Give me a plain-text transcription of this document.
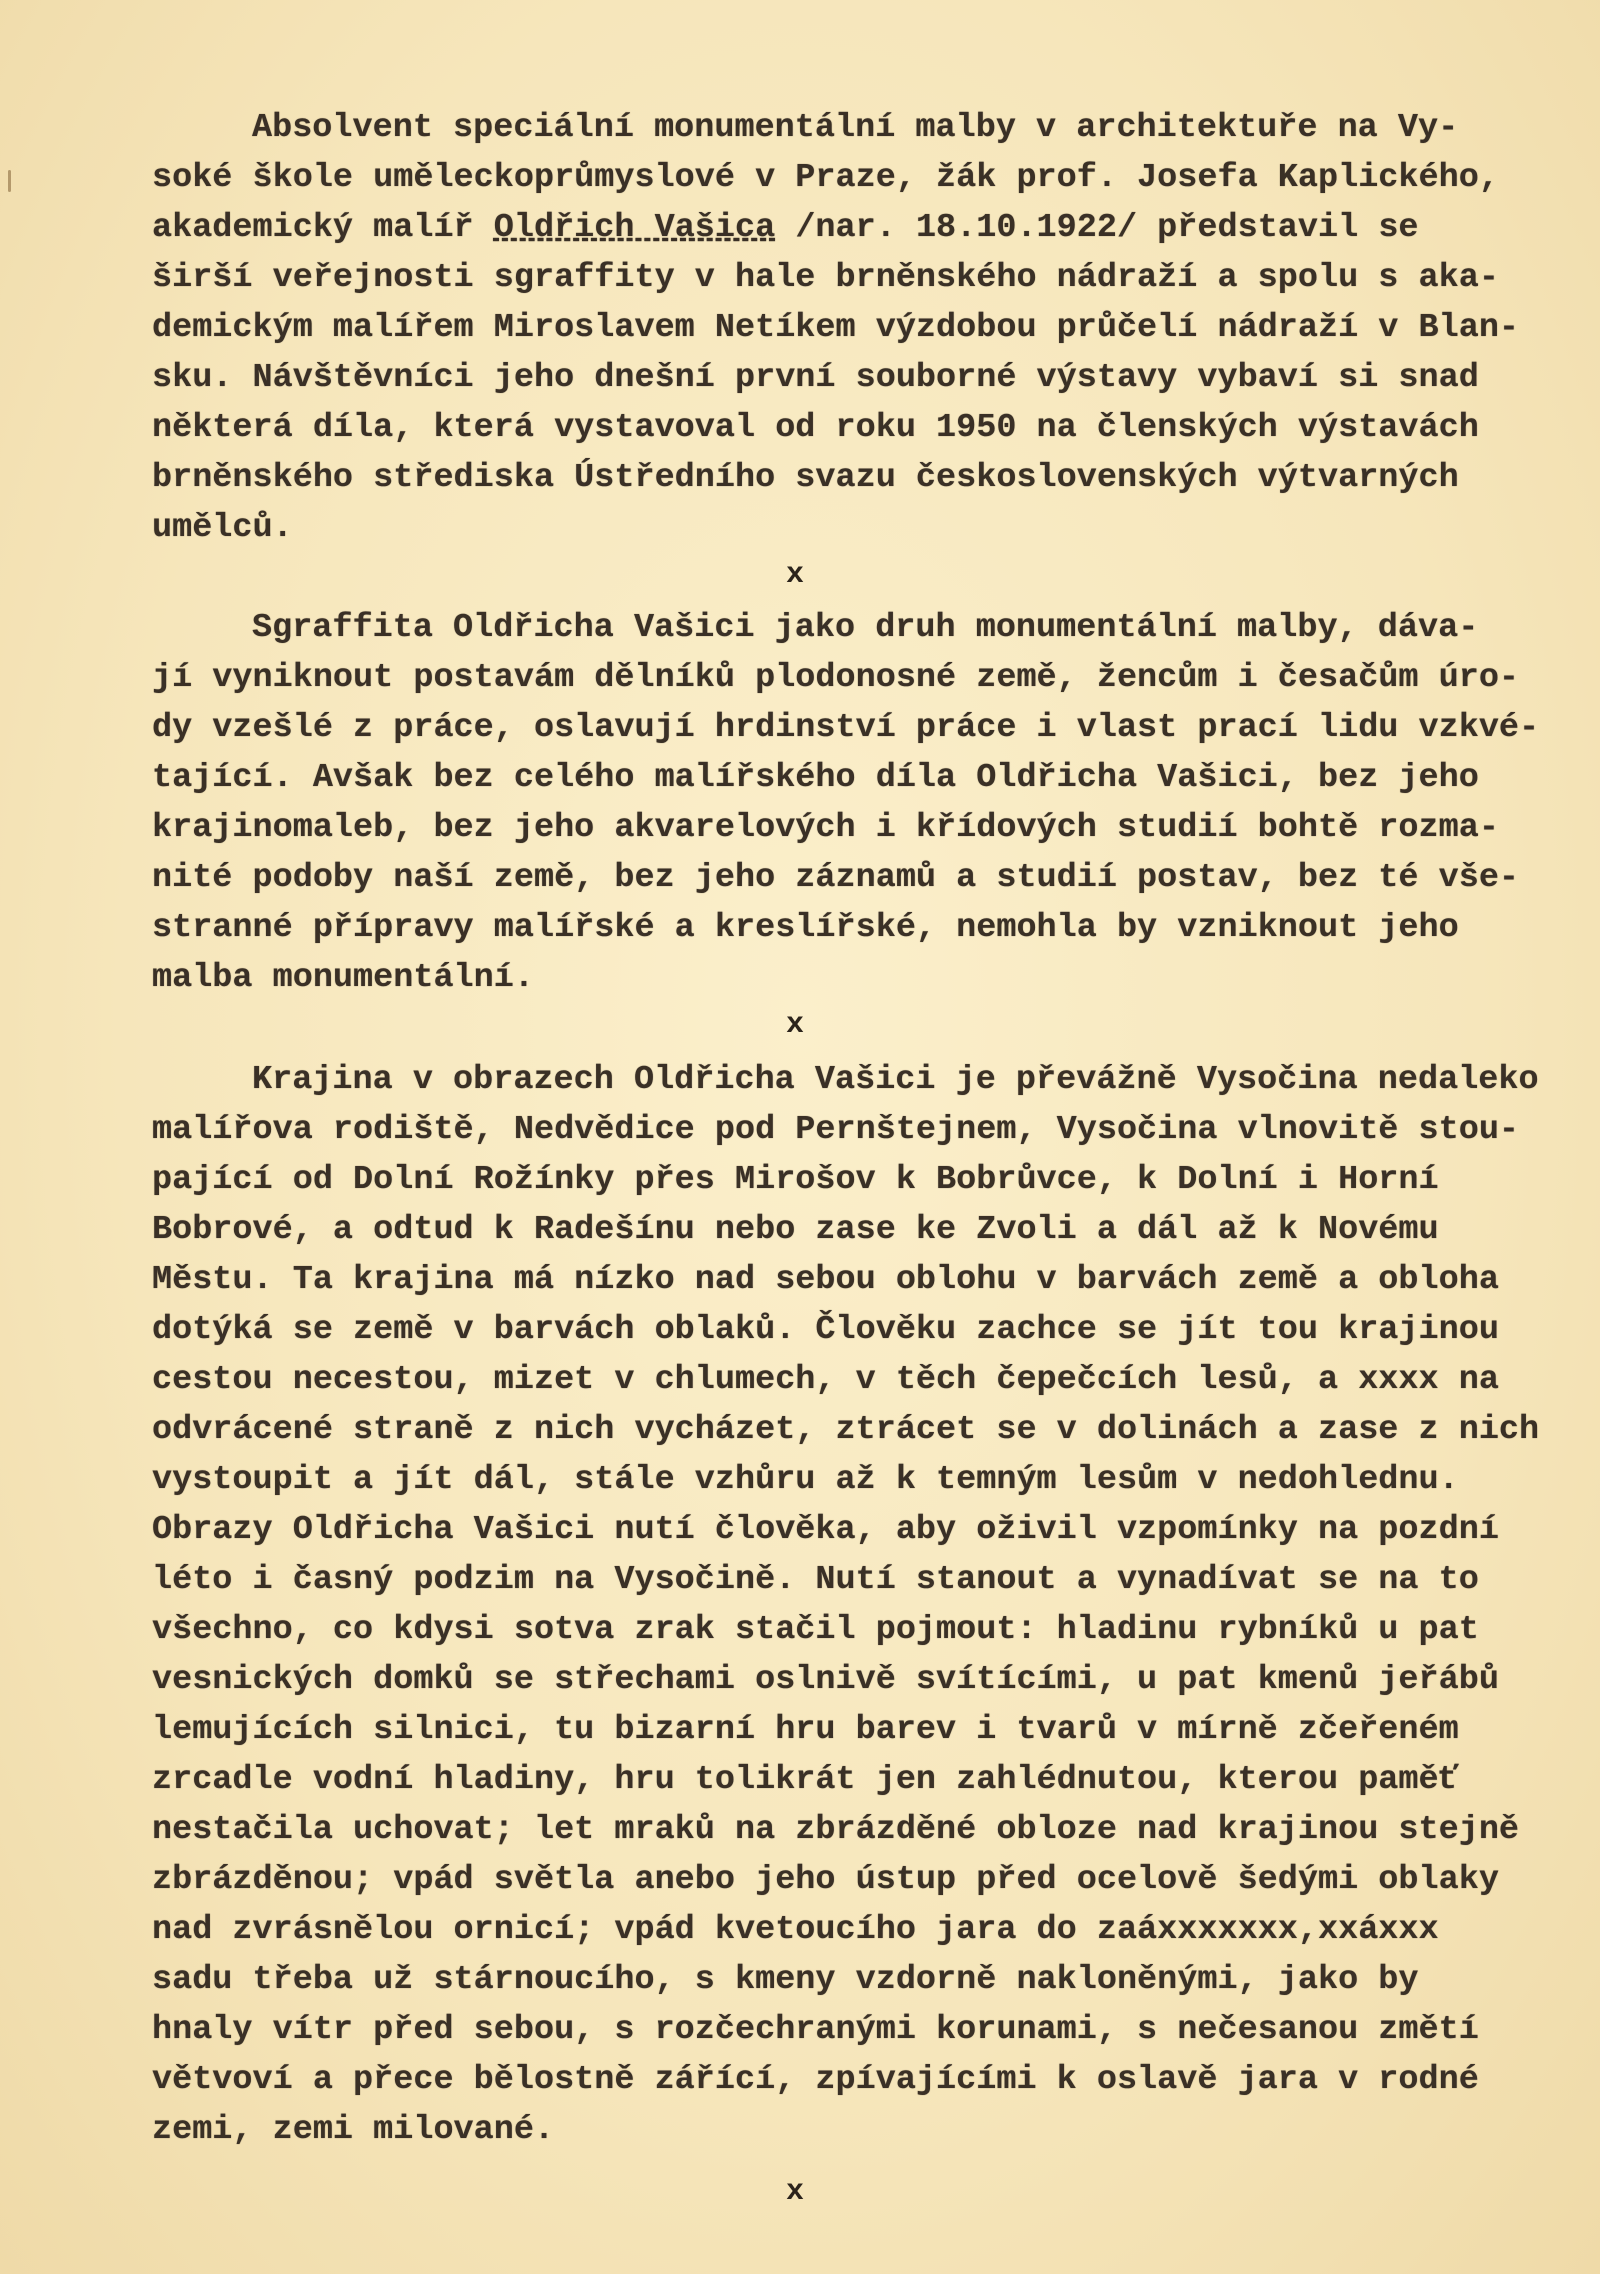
Absolvent speciální monumentální malby v architektuře na Vy-
soké škole uměleckoprůmyslové v Praze, žák prof. Josefa Kaplického,
akademický malíř Oldřich Vašica /nar. 18.10.1922/ představil se
širší veřejnosti sgraffity v hale brněnského nádraží a spolu s aka-
demickým malířem Miroslavem Netíkem výzdobou průčelí nádraží v Blan-
sku. Návštěvníci jeho dnešní první souborné výstavy vybaví si snad
některá díla, která vystavoval od roku 1950 na členských výstavách
brněnského střediska Ústředního svazu československých výtvarných
umělců.
x
Sgraffita Oldřicha Vašici jako druh monumentální malby, dáva-
jí vyniknout postavám dělníků plodonosné země, žencům i česačům úro-
dy vzešlé z práce, oslavují hrdinství práce i vlast prací lidu vzkvé-
tající. Avšak bez celého malířského díla Oldřicha Vašici, bez jeho
krajinomaleb, bez jeho akvarelových i křídových studií bohtě rozma-
nité podoby naší země, bez jeho záznamů a studií postav, bez té vše-
stranné přípravy malířské a kreslířské, nemohla by vzniknout jeho
malba monumentální.
x
Krajina v obrazech Oldřicha Vašici je převážně Vysočina nedaleko
malířova rodiště, Nedvědice pod Pernštejnem, Vysočina vlnovitě stou-
pající od Dolní Rožínky přes Mirošov k Bobrůvce, k Dolní i Horní
Bobrové, a odtud k Radešínu nebo zase ke Zvoli a dál až k Novému
Městu. Ta krajina má nízko nad sebou oblohu v barvách země a obloha
dotýká se země v barvách oblaků. Člověku zachce se jít tou krajinou
cestou necestou, mizet v chlumech, v těch čepečcích lesů, a xxxx na
odvrácené straně z nich vycházet, ztrácet se v dolinách a zase z nich
vystoupit a jít dál, stále vzhůru až k temným lesům v nedohlednu.
Obrazy Oldřicha Vašici nutí člověka, aby oživil vzpomínky na pozdní
léto i časný podzim na Vysočině. Nutí stanout a vynadívat se na to
všechno, co kdysi sotva zrak stačil pojmout: hladinu rybníků u pat
vesnických domků se střechami oslnivě svítícími, u pat kmenů jeřábů
lemujících silnici, tu bizarní hru barev i tvarů v mírně zčeřeném
zrcadle vodní hladiny, hru tolikrát jen zahlédnutou, kterou paměť
nestačila uchovat; let mraků na zbrázděné obloze nad krajinou stejně
zbrázděnou; vpád světla anebo jeho ústup před ocelově šedými oblaky
nad zvrásnělou ornicí; vpád kvetoucího jara do zaáxxxxxxx,xxáxxx
sadu třeba už stárnoucího, s kmeny vzdorně nakloněnými, jako by
hnaly vítr před sebou, s rozčechranými korunami, s nečesanou změtí
větvoví a přece bělostně zářící, zpívajícími k oslavě jara v rodné
zemi, zemi milované.
x
